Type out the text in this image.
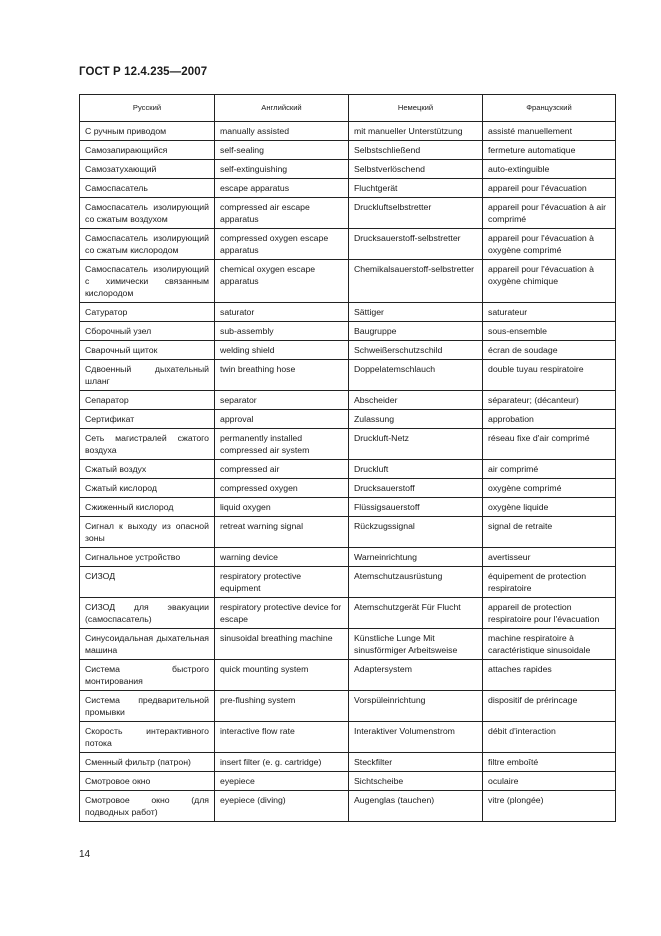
ГОСТ Р 12.4.235—2007
Русский	Английский	Немецкий	Французский
С ручным приводом	manually assisted	mit manueller Unterstützung	assisté manuellement
Самозапирающийся	self-sealing	Selbstschließend	fermeture automatique
Самозатухающий	self-extinguishing	Selbstverlöschend	auto-extinguible
Самоспасатель	escape apparatus	Fluchtgerät	appareil pour l'évacuation
Самоспасатель изолирующий со сжатым воздухом	compressed air escape apparatus	Druckluftselbstretter	appareil pour l'évacuation à air comprimé
Самоспасатель изолирующий со сжатым кислородом	compressed oxygen escape apparatus	Drucksauerstoff-selbstretter	appareil pour l'évacuation à oxygène comprimé
Самоспасатель изолирующий с химически связанным кислородом	chemical oxygen escape apparatus	Chemikalsauerstoff-selbstretter	appareil pour l'évacuation à oxygène chimique
Сатуратор	saturator	Sättiger	saturateur
Сборочный узел	sub-assembly	Baugruppe	sous-ensemble
Сварочный щиток	welding shield	Schweißerschutzschild	écran de soudage
Сдвоенный дыхательный шланг	twin breathing hose	Doppelatemschlauch	double tuyau respiratoire
Сепаратор	separator	Abscheider	séparateur; (décanteur)
Сертификат	approval	Zulassung	approbation
Сеть магистралей сжатого воздуха	permanently installed compressed air system	Druckluft-Netz	réseau fixe d'air comprimé
Сжатый воздух	compressed air	Druckluft	air comprimé
Сжатый кислород	compressed oxygen	Drucksauerstoff	oxygène comprimé
Сжиженный кислород	liquid oxygen	Flüssigsauerstoff	oxygène liquide
Сигнал к выходу из опасной зоны	retreat warning signal	Rückzugssignal	signal de retraite
Сигнальное устройство	warning device	Warneinrichtung	avertisseur
СИЗОД	respiratory protective equipment	Atemschutzausrüstung	équipement de protection respiratoire
СИЗОД для эвакуации (самоспасатель)	respiratory protective device for escape	Atemschutzgerät Für Flucht	appareil de protection respiratoire pour l'évacuation
Синусоидальная дыхательная машина	sinusoidal breathing machine	Künstliche Lunge Mit sinusförmiger Arbeitsweise	machine respiratoire à caractéristique sinusoidale
Система быстрого монтирования	quick mounting system	Adaptersystem	attaches rapides
Система предварительной промывки	pre-flushing system	Vorspüleinrichtung	dispositif de prérincage
Скорость интерактивного потока	interactive flow rate	Interaktiver Volumenstrom	débit d'interaction
Сменный фильтр (патрон)	insert filter (e. g. cartridge)	Steckfilter	filtre emboîté
Смотровое окно	eyepiece	Sichtscheibe	oculaire
Смотровое окно (для подводных работ)	eyepiece (diving)	Augenglas (tauchen)	vitre (plongée)
14
